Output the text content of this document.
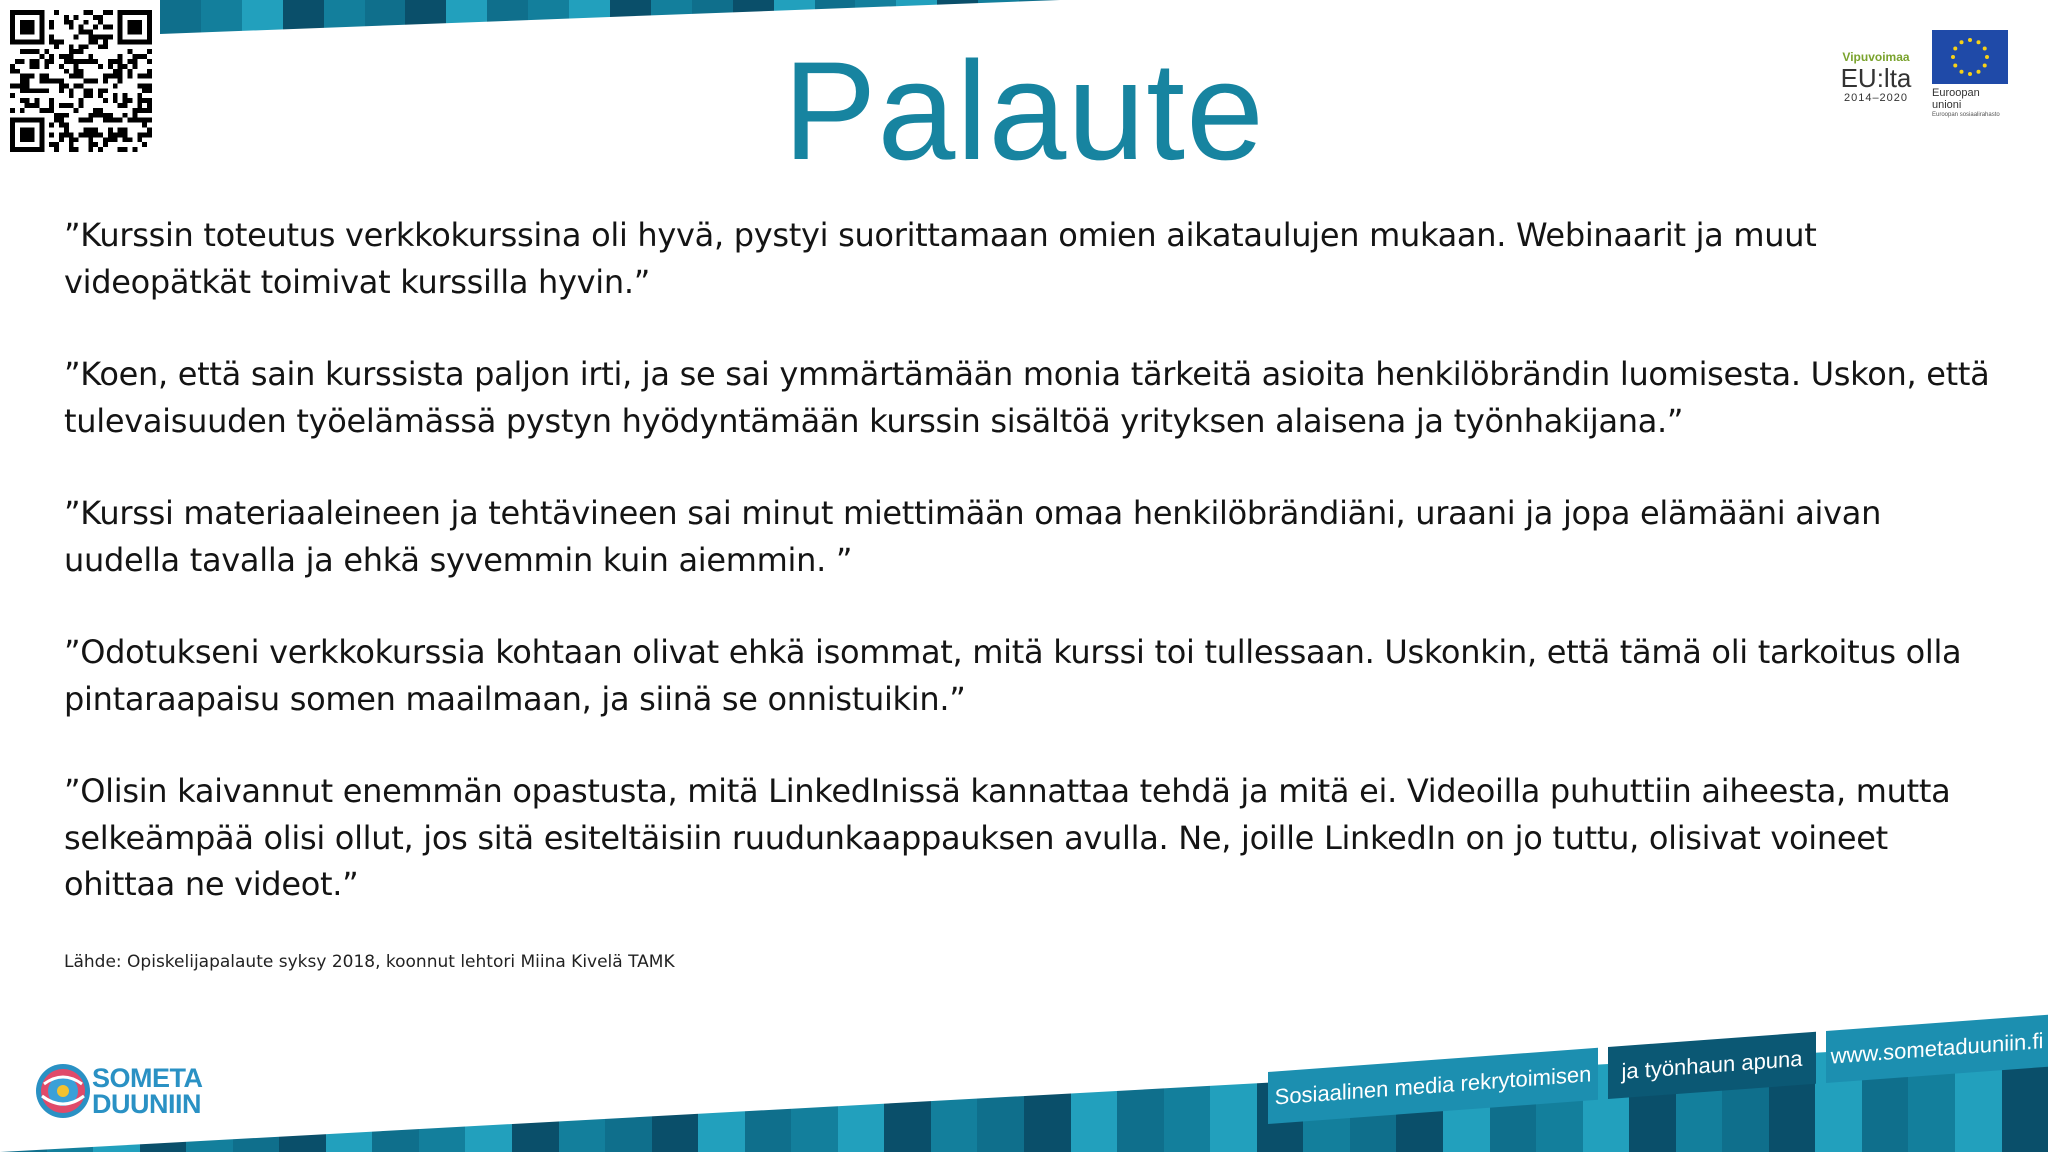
Palaute	Vipuvoimaa
EU:lta
2014–2020	Euroopan unioni
Euroopan sosiaalirahasto

”Kurssin toteutus verkkokurssina oli hyvä, pystyi suorittamaan omien aikataulujen mukaan. Webinaarit ja muut videopätkät toimivat kurssilla hyvin.”

”Koen, että sain kurssista paljon irti, ja se sai ymmärtämään monia tärkeitä asioita henkilöbrändin luomisesta. Uskon, että tulevaisuuden työelämässä pystyn hyödyntämään kurssin sisältöä yrityksen alaisena ja työnhakijana.”

”Kurssi materiaaleineen ja tehtävineen sai minut miettimään omaa henkilöbrändiäni, uraani ja jopa elämääni aivan uudella tavalla ja ehkä syvemmin kuin aiemmin. ”

”Odotukseni verkkokurssia kohtaan olivat ehkä isommat, mitä kurssi toi tullessaan. Uskonkin, että tämä oli tarkoitus olla pintaraapaisu somen maailmaan, ja siinä se onnistuikin.”

”Olisin kaivannut enemmän opastusta, mitä LinkedInissä kannattaa tehdä ja mitä ei. Videoilla puhuttiin aiheesta, mutta selkeämpää olisi ollut, jos sitä esiteltäisiin ruudunkaappauksen avulla. Ne, joille LinkedIn on jo tuttu, olisivat voineet ohittaa ne videot.”

Lähde: Opiskelijapalaute syksy 2018, koonnut lehtori Miina Kivelä TAMK
Sosiaalinen media rekrytoimisen ja työnhaun apuna www.sometaduuniin.fi
SOMETA
DUUNIIN
